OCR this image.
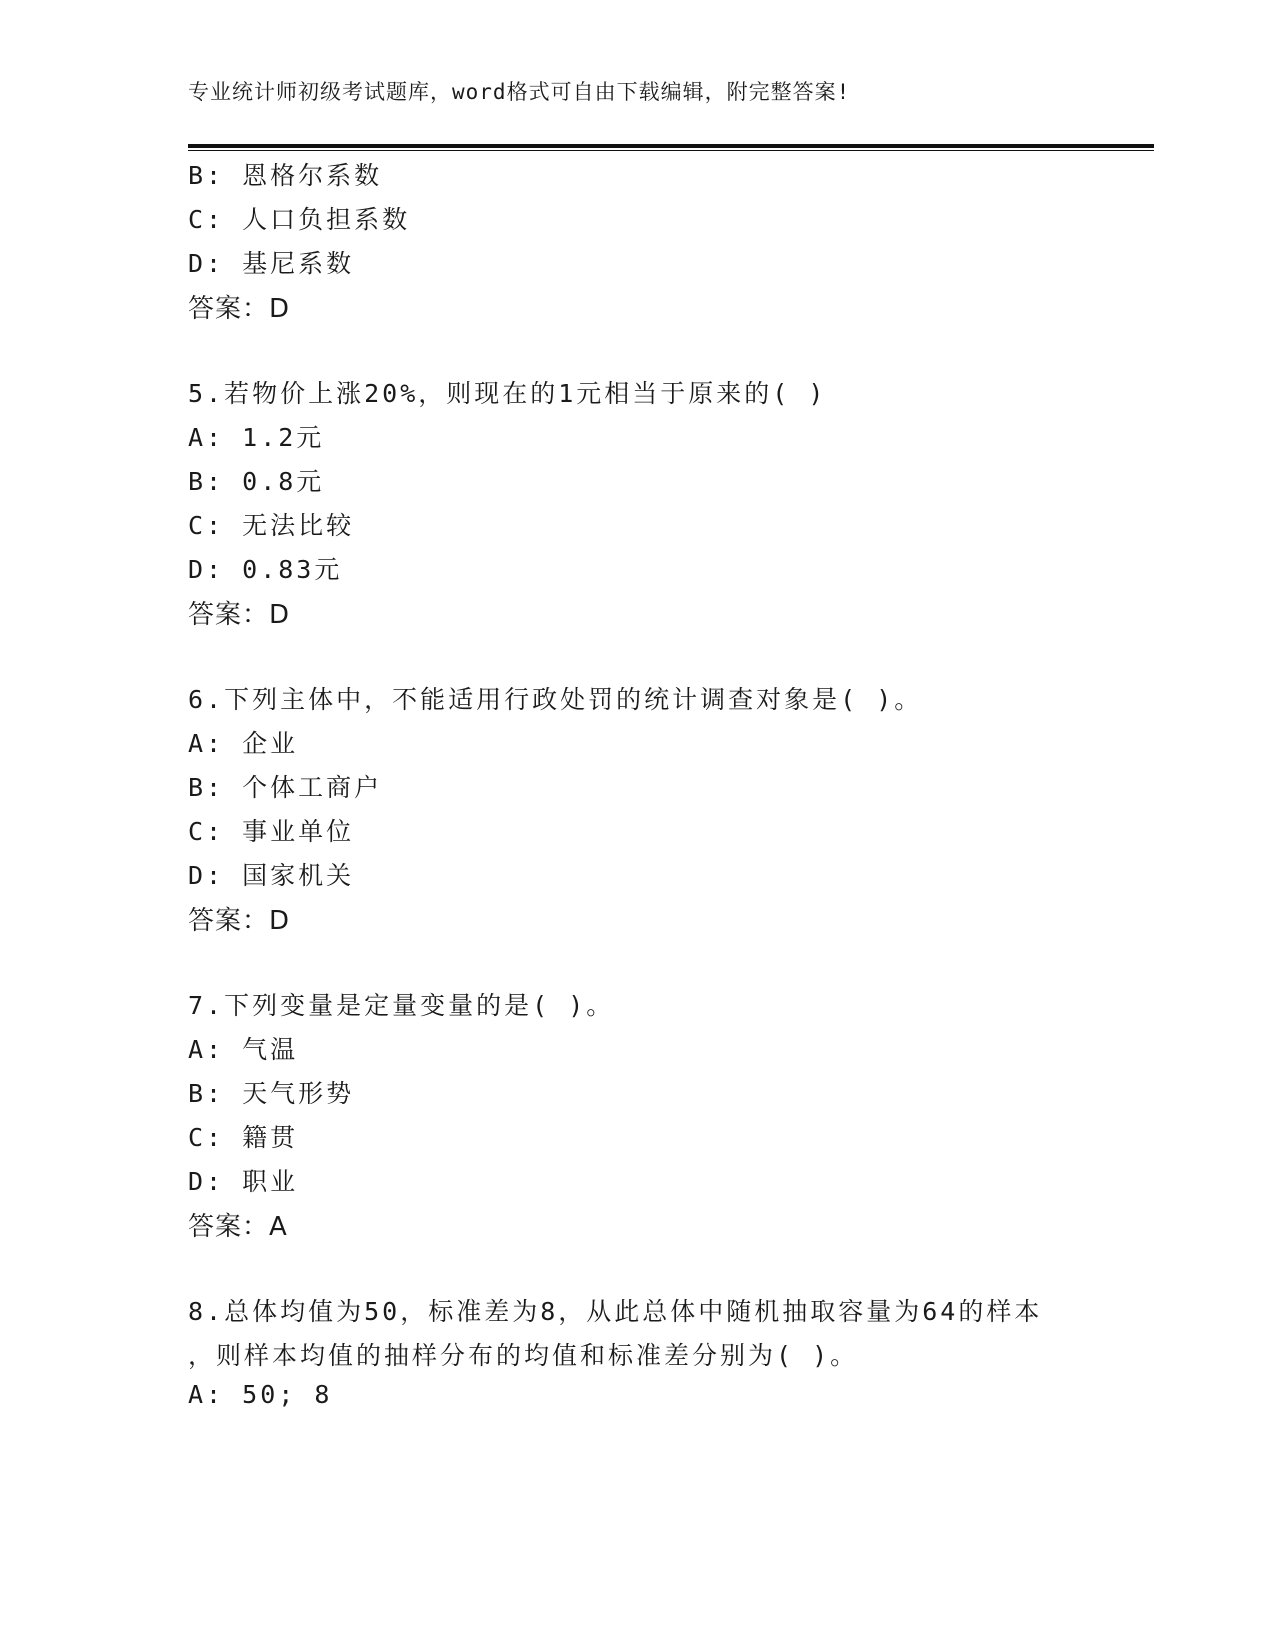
专业统计师初级考试题库，word格式可自由下载编辑，附完整答案!
B: 恩格尔系数
C: 人口负担系数
D: 基尼系数
答案：D
5.若物价上涨20%，则现在的1元相当于原来的( )
A: 1.2元
B: 0.8元
C: 无法比较
D: 0.83元
答案：D
6.下列主体中，不能适用行政处罚的统计调查对象是( )。
A: 企业
B: 个体工商户
C: 事业单位
D: 国家机关
答案：D
7.下列变量是定量变量的是( )。
A: 气温
B: 天气形势
C: 籍贯
D: 职业
答案：A
8.总体均值为50，标准差为8，从此总体中随机抽取容量为64的样本
，则样本均值的抽样分布的均值和标准差分别为( )。
A: 50; 8
